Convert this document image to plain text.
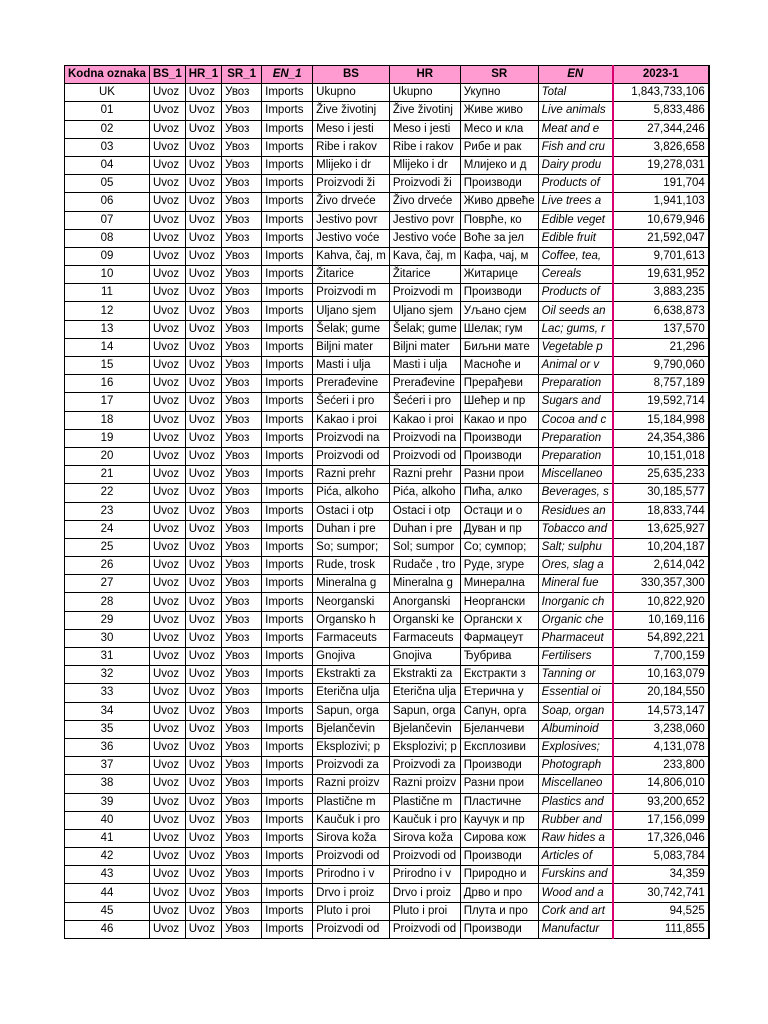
Kodna oznaka	BS_1	HR_1	SR_1	EN_1	BS	HR	SR	EN	2023-1
UK	Uvoz	Uvoz	Увоз	Imports	Ukupno	Ukupno	Укупно	Total	1,843,733,106
01	Uvoz	Uvoz	Увоз	Imports	Žive životinj	Žive životinj	Живе живо	Live animals	5,833,486
02	Uvoz	Uvoz	Увоз	Imports	Meso i jesti	Meso i jesti	Месо и кла	Meat and e	27,344,246
03	Uvoz	Uvoz	Увоз	Imports	Ribe i rakov	Ribe i rakov	Рибе и рак	Fish and cru	3,826,658
04	Uvoz	Uvoz	Увоз	Imports	Mlijeko i dr	Mlijeko i dr	Млијеко и д	Dairy produ	19,278,031
05	Uvoz	Uvoz	Увоз	Imports	Proizvodi ži	Proizvodi ži	Производи	Products of	191,704
06	Uvoz	Uvoz	Увоз	Imports	Živo drveće	Živo drveće	Живо дрвеће	Live trees a	1,941,103
07	Uvoz	Uvoz	Увоз	Imports	Jestivo povr	Jestivo povr	Поврће, ко	Edible veget	10,679,946
08	Uvoz	Uvoz	Увоз	Imports	Jestivo voće	Jestivo voće	Воће за јел	Edible fruit	21,592,047
09	Uvoz	Uvoz	Увоз	Imports	Kahva, čaj, m	Kava, čaj, m	Кафа, чај, м	Coffee, tea,	9,701,613
10	Uvoz	Uvoz	Увоз	Imports	Žitarice	Žitarice	Житарице	Cereals	19,631,952
11	Uvoz	Uvoz	Увоз	Imports	Proizvodi m	Proizvodi m	Производи	Products of	3,883,235
12	Uvoz	Uvoz	Увоз	Imports	Uljano sjem	Uljano sjem	Уљано сјем	Oil seeds an	6,638,873
13	Uvoz	Uvoz	Увоз	Imports	Šelak; gume	Šelak; gume	Шелак; гум	Lac; gums, r	137,570
14	Uvoz	Uvoz	Увоз	Imports	Biljni mater	Biljni mater	Биљни мате	Vegetable p	21,296
15	Uvoz	Uvoz	Увоз	Imports	Masti i ulja	Masti i ulja	Масноће и	Animal or v	9,790,060
16	Uvoz	Uvoz	Увоз	Imports	Prerađevine	Prerađevine	Прерађеви	Preparation	8,757,189
17	Uvoz	Uvoz	Увоз	Imports	Šećeri i pro	Šećeri i pro	Шећер и пр	Sugars and	19,592,714
18	Uvoz	Uvoz	Увоз	Imports	Kakao i proi	Kakao i proi	Какао и про	Cocoa and c	15,184,998
19	Uvoz	Uvoz	Увоз	Imports	Proizvodi na	Proizvodi na	Производи	Preparation	24,354,386
20	Uvoz	Uvoz	Увоз	Imports	Proizvodi od	Proizvodi od	Производи	Preparation	10,151,018
21	Uvoz	Uvoz	Увоз	Imports	Razni prehr	Razni prehr	Разни прои	Miscellaneo	25,635,233
22	Uvoz	Uvoz	Увоз	Imports	Pića, alkoho	Pića, alkoho	Пића, алко	Beverages, s	30,185,577
23	Uvoz	Uvoz	Увоз	Imports	Ostaci i otp	Ostaci i otp	Остаци и о	Residues an	18,833,744
24	Uvoz	Uvoz	Увоз	Imports	Duhan i pre	Duhan i pre	Дуван и пр	Tobacco and	13,625,927
25	Uvoz	Uvoz	Увоз	Imports	So; sumpor;	Sol; sumpor	Со; сумпор;	Salt; sulphu	10,204,187
26	Uvoz	Uvoz	Увоз	Imports	Rude, trosk	Rudače , tro	Руде, згуре	Ores, slag a	2,614,042
27	Uvoz	Uvoz	Увоз	Imports	Mineralna g	Mineralna g	Минерална	Mineral fue	330,357,300
28	Uvoz	Uvoz	Увоз	Imports	Neorganski	Anorganski	Неоргански	Inorganic ch	10,822,920
29	Uvoz	Uvoz	Увоз	Imports	Organsko h	Organski ke	Органски х	Organic che	10,169,116
30	Uvoz	Uvoz	Увоз	Imports	Farmaceuts	Farmaceuts	Фармацеут	Pharmaceut	54,892,221
31	Uvoz	Uvoz	Увоз	Imports	Gnojiva	Gnojiva	Ђубрива	Fertilisers	7,700,159
32	Uvoz	Uvoz	Увоз	Imports	Ekstrakti za	Ekstrakti za	Екстракти з	Tanning or	10,163,079
33	Uvoz	Uvoz	Увоз	Imports	Eterična ulja	Eterična ulja	Етерична у	Essential oi	20,184,550
34	Uvoz	Uvoz	Увоз	Imports	Sapun, orga	Sapun, orga	Сапун, орга	Soap, organ	14,573,147
35	Uvoz	Uvoz	Увоз	Imports	Bjelančevin	Bjelančevin	Бјеланчеви	Albuminoid	3,238,060
36	Uvoz	Uvoz	Увоз	Imports	Eksplozivi; p	Eksplozivi; p	Експлозиви	Explosives;	4,131,078
37	Uvoz	Uvoz	Увоз	Imports	Proizvodi za	Proizvodi za	Производи	Photograph	233,800
38	Uvoz	Uvoz	Увоз	Imports	Razni proizv	Razni proizv	Разни прои	Miscellaneo	14,806,010
39	Uvoz	Uvoz	Увоз	Imports	Plastične m	Plastične m	Пластичне	Plastics and	93,200,652
40	Uvoz	Uvoz	Увоз	Imports	Kaučuk i pro	Kaučuk i pro	Каучук и пр	Rubber and	17,156,099
41	Uvoz	Uvoz	Увоз	Imports	Sirova koža	Sirova koža	Сирова кож	Raw hides a	17,326,046
42	Uvoz	Uvoz	Увоз	Imports	Proizvodi od	Proizvodi od	Производи	Articles of	5,083,784
43	Uvoz	Uvoz	Увоз	Imports	Prirodno i v	Prirodno i v	Природно и	Furskins and	34,359
44	Uvoz	Uvoz	Увоз	Imports	Drvo i proiz	Drvo i proiz	Дрво и про	Wood and a	30,742,741
45	Uvoz	Uvoz	Увоз	Imports	Pluto i proi	Pluto i proi	Плута и про	Cork and art	94,525
46	Uvoz	Uvoz	Увоз	Imports	Proizvodi od	Proizvodi od	Производи	Manufactur	111,855
